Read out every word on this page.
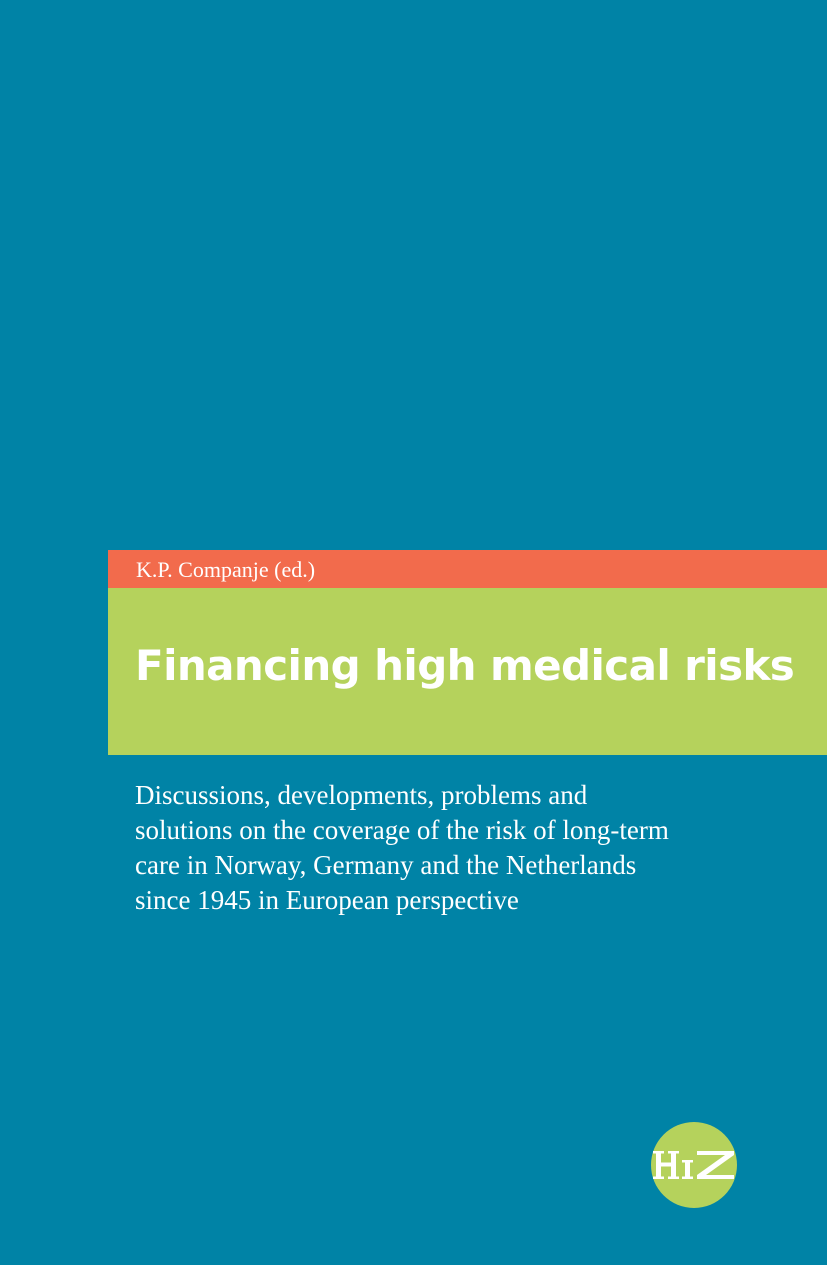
K.P. Companje (ed.)
Financing high medical risks
Discussions, developments, problems and
solutions on the coverage of the risk of long-term
care in Norway, Germany and the Netherlands
since 1945 in European perspective
